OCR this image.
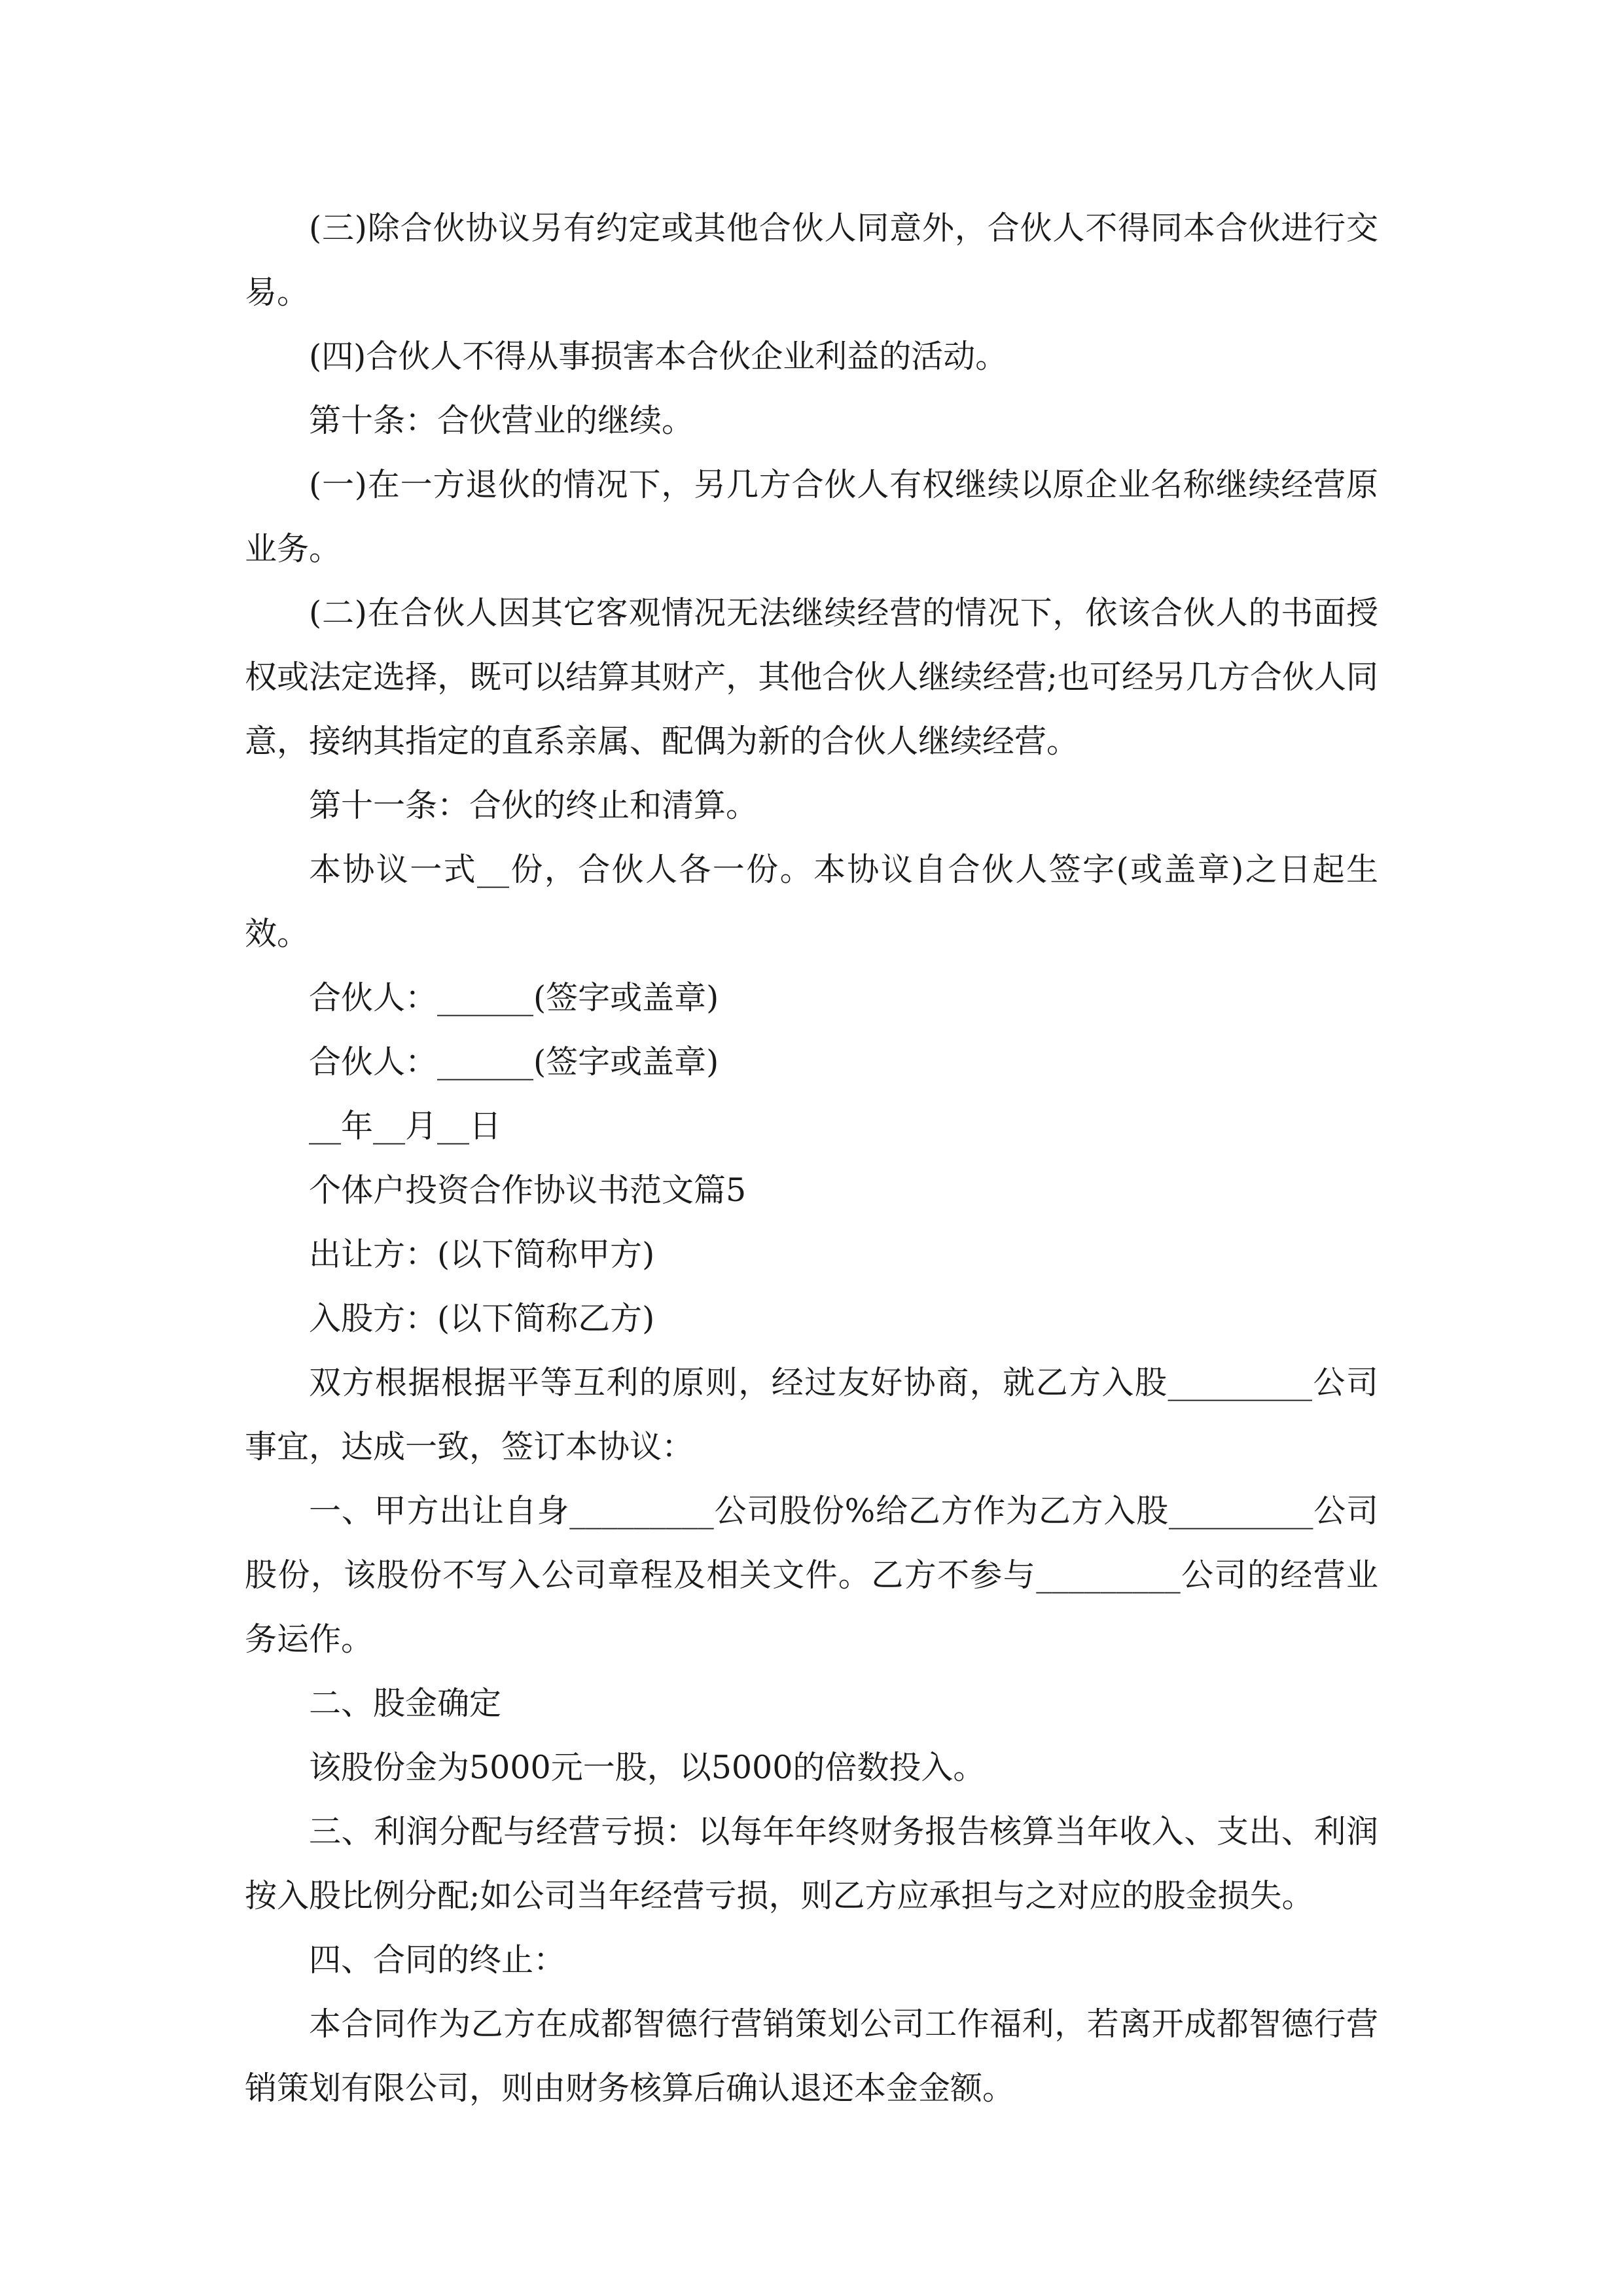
(三)除合伙协议另有约定或其他合伙人同意外，合伙人不得同本合伙进行交易。

(四)合伙人不得从事损害本合伙企业利益的活动。

第十条：合伙营业的继续。

(一)在一方退伙的情况下，另几方合伙人有权继续以原企业名称继续经营原业务。

(二)在合伙人因其它客观情况无法继续经营的情况下，依该合伙人的书面授权或法定选择，既可以结算其财产，其他合伙人继续经营;也可经另几方合伙人同意，接纳其指定的直系亲属、配偶为新的合伙人继续经营。

第十一条：合伙的终止和清算。

本协议一式__份，合伙人各一份。本协议自合伙人签字(或盖章)之日起生效。

合伙人：______(签字或盖章)

合伙人：______(签字或盖章)

__年__月__日

个体户投资合作协议书范文篇5

出让方：(以下简称甲方)

入股方：(以下简称乙方)

双方根据根据平等互利的原则，经过友好协商，就乙方入股_________公司事宜，达成一致，签订本协议：

一、甲方出让自身_________公司股份%给乙方作为乙方入股_________公司股份，该股份不写入公司章程及相关文件。乙方不参与_________公司的经营业务运作。

二、股金确定

该股份金为5000元一股，以5000的倍数投入。

三、利润分配与经营亏损：以每年年终财务报告核算当年收入、支出、利润按入股比例分配;如公司当年经营亏损，则乙方应承担与之对应的股金损失。

四、合同的终止：

本合同作为乙方在成都智德行营销策划公司工作福利，若离开成都智德行营销策划有限公司，则由财务核算后确认退还本金金额。
